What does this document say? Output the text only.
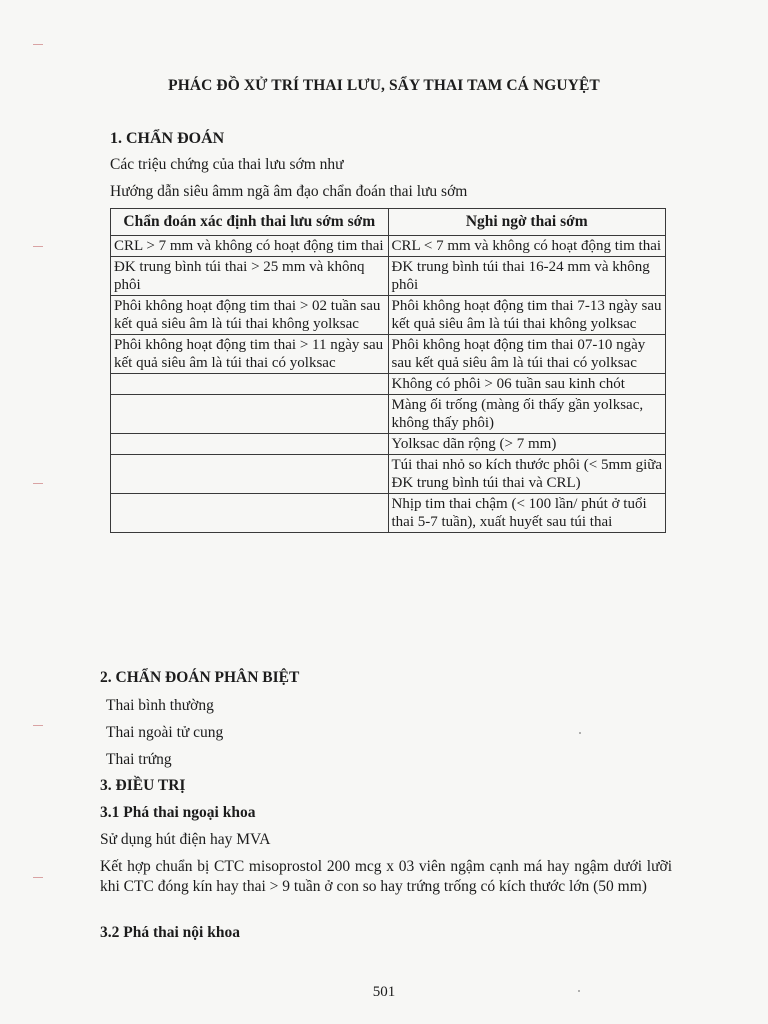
PHÁC ĐỒ XỬ TRÍ THAI LƯU, SẨY THAI TAM CÁ NGUYỆT
1. CHẨN ĐOÁN
Các triệu chứng của thai lưu sớm như
Hướng dẫn siêu âmm ngã âm đạo chẩn đoán thai lưu sớm
Chẩn đoán xác định thai lưu sớm sớm	Nghi ngờ thai sớm
CRL > 7 mm và không có hoạt động tim thai	CRL < 7 mm và không có hoạt động tim thai
ĐK trung bình túi thai > 25 mm và khônq phôi	ĐK trung bình túi thai 16-24 mm và không phôi
Phôi không hoạt động tim thai > 02 tuần sau kết quả siêu âm là túi thai không yolksac	Phôi không hoạt động tim thai 7-13 ngày sau kết quả siêu âm là túi thai không yolksac
Phôi không hoạt động tim thai > 11 ngày sau kết quả siêu âm là túi thai có yolksac	Phôi không hoạt động tim thai 07-10 ngày sau kết quả siêu âm là túi thai có yolksac
	Không có phôi > 06 tuần sau kinh chót
	Màng ối trống (màng ối thấy gần yolksac, không thấy phôi)
	Yolksac dãn rộng (> 7 mm)
	Túi thai nhỏ so kích thước phôi (< 5mm giữa ĐK trung bình túi thai và CRL)
	Nhịp tim thai chậm (< 100 lần/ phút ở tuổi thai 5-7 tuần), xuất huyết sau túi thai
2. CHẨN ĐOÁN PHÂN BIỆT
Thai bình thường
Thai ngoài tử cung
Thai trứng
3. ĐIỀU TRỊ
3.1 Phá thai ngoại khoa
Sử dụng hút điện hay MVA
Kết hợp chuẩn bị CTC misoprostol 200 mcg x 03 viên ngậm cạnh má hay ngậm dưới lưỡi khi CTC đóng kín hay thai > 9 tuần ở con so hay trứng trống có kích thước lớn (50 mm)
3.2 Phá thai nội khoa
501
